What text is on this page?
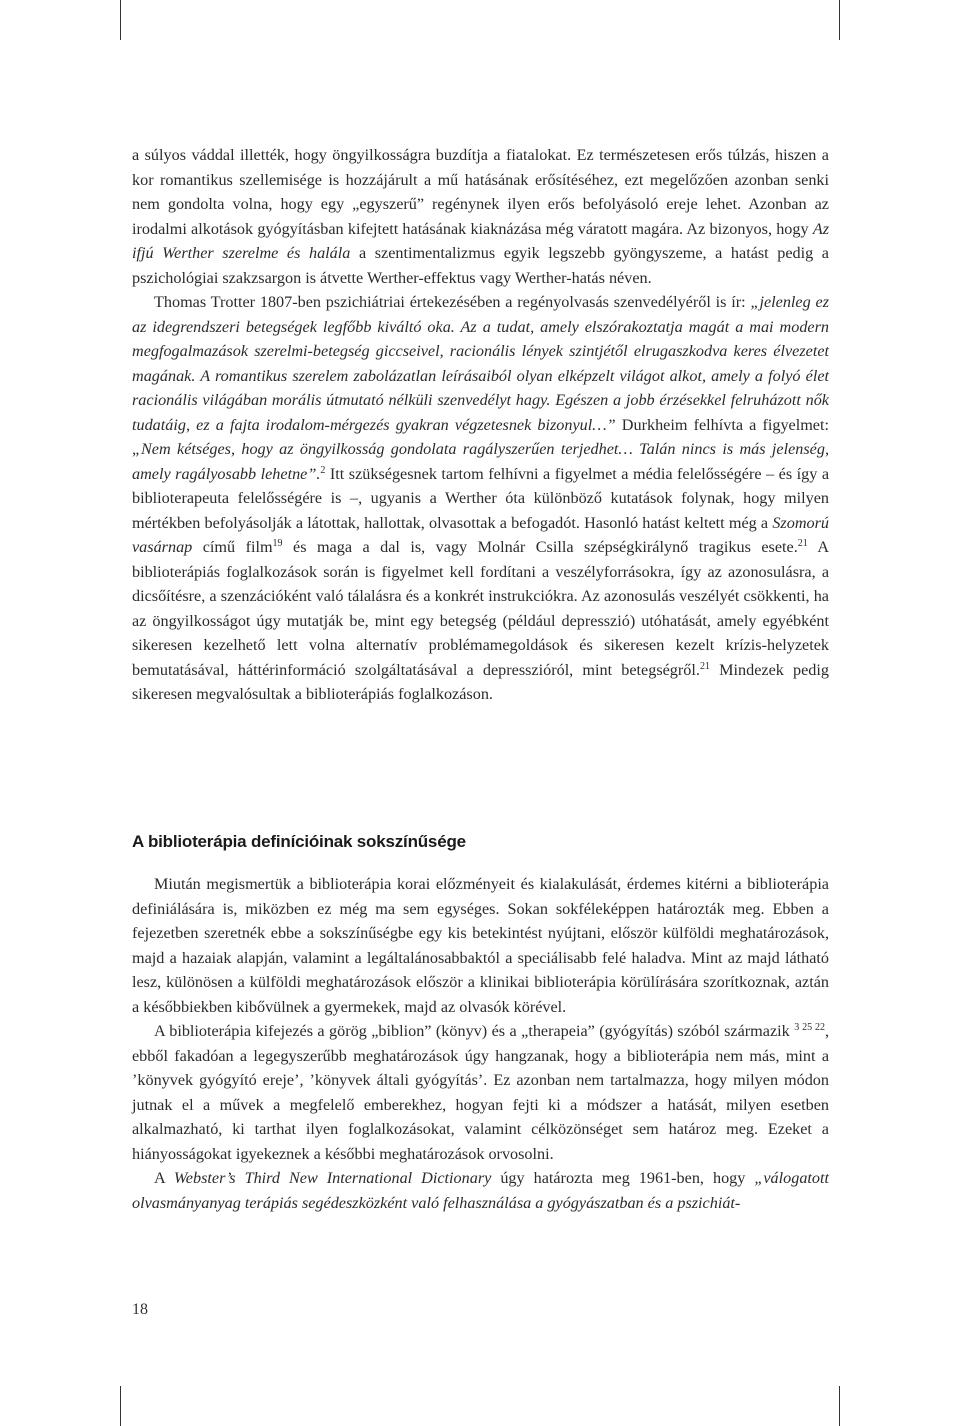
a súlyos váddal illették, hogy öngyilkosságra buzdítja a fiatalokat. Ez természetesen erős túlzás, hiszen a kor romantikus szellemisége is hozzájárult a mű hatásának erősítéséhez, ezt megelőzően azonban senki nem gondolta volna, hogy egy „egyszerű” regénynek ilyen erős befolyásoló ereje lehet. Azonban az irodalmi alkotások gyógyításban kifejtett hatásának kiaknázása még váratott magára. Az bizonyos, hogy Az ifjú Werther szerelme és halála a szentimentalizmus egyik legszebb gyöngyszeme, a hatást pedig a pszichológiai szakzsargon is átvette Werther-effektus vagy Werther-hatás néven.

Thomas Trotter 1807-ben pszichiátriai értekezésében a regényolvasás szenvedélyéről is ír: „jelenleg ez az idegrendszeri betegségek legfőbb kiváltó oka. Az a tudat, amely elszórakoztatja magát a mai modern megfogalmazások szerelmi-betegség giccseivel, racionális lények szintjétől elrugaszkodva keres élvezetet magának. A romantikus szerelem zabolázatlan leírásaiból olyan elképzelt világot alkot, amely a folyó élet racionális világában morális útmutató nélküli szenvedélyt hagy. Egészen a jobb érzésekkel felruházott nők tudatáig, ez a fajta irodalom-mérgezés gyakran végzetesnek bizonyul…” Durkheim felhívta a figyelmet: „Nem kétséges, hogy az öngyilkosság gondolata ragályszerűen terjedhet… Talán nincs is más jelenség, amely ragályosabb lehetne”.$^2$ Itt szükségesnek tartom felhívni a figyelmet a média felelősségére – és így a biblioterapeuta felelősségére is –, ugyanis a Werther óta különböző kutatások folynak, hogy milyen mértékben befolyásolják a látottak, hallottak, olvasottak a befogadót. Hasonló hatást keltett még a Szomorú vasárnap című film$^{19}$ és maga a dal is, vagy Molnár Csilla szépségkirálynő tragikus esete.$^{21}$ A biblioterápiás foglalkozások során is figyelmet kell fordítani a veszélyforrásokra, így az azonosulásra, a dicsőítésre, a szenzációként való tálalásra és a konkrét instrukciókra. Az azonosulás veszélyét csökkenti, ha az öngyilkosságot úgy mutatják be, mint egy betegség (például depresszió) utóhatását, amely egyébként sikeresen kezelhető lett volna alternatív problémamegoldások és sikeresen kezelt krízis-helyzetek bemutatásával, háttérinformáció szolgáltatásával a depresszióról, mint betegségről.$^{21}$ Mindezek pedig sikeresen megvalósultak a biblioterápiás foglalkozáson.

A biblioterápia definícióinak sokszínűsége

Miután megismertük a biblioterápia korai előzményeit és kialakulását, érdemes kitérni a biblioterápia definiálására is, miközben ez még ma sem egységes. Sokan sokféleképpen határozták meg. Ebben a fejezetben szeretnék ebbe a sokszínűségbe egy kis betekintést nyújtani, először külföldi meghatározások, majd a hazaiak alapján, valamint a legáltalánosabbaktól a speciálisabb felé haladva. Mint az majd látható lesz, különösen a külföldi meghatározások először a klinikai biblioterápia körülírására szorítkoznak, aztán a későbbiekben kibővülnek a gyermekek, majd az olvasók körével.

A biblioterápia kifejezés a görög „biblion” (könyv) és a „therapeia” (gyógyítás) szóból származik $^{3 25 22}$, ebből fakadóan a legegyszerűbb meghatározások úgy hangzanak, hogy a biblioterápia nem más, mint a ’könyvek gyógyító ereje’, ’könyvek általi gyógyítás’. Ez azonban nem tartalmazza, hogy milyen módon jutnak el a művek a megfelelő emberekhez, hogyan fejti ki a módszer a hatását, milyen esetben alkalmazható, ki tarthat ilyen foglalkozásokat, valamint célközönséget sem határoz meg. Ezeket a hiányosságokat igyekeznek a későbbi meghatározások orvosolni.

A Webster’s Third New International Dictionary úgy határozta meg 1961-ben, hogy „válogatott olvasmányanyag terápiás segédeszközként való felhasználása a gyógyászatban és a pszichiát-

18
